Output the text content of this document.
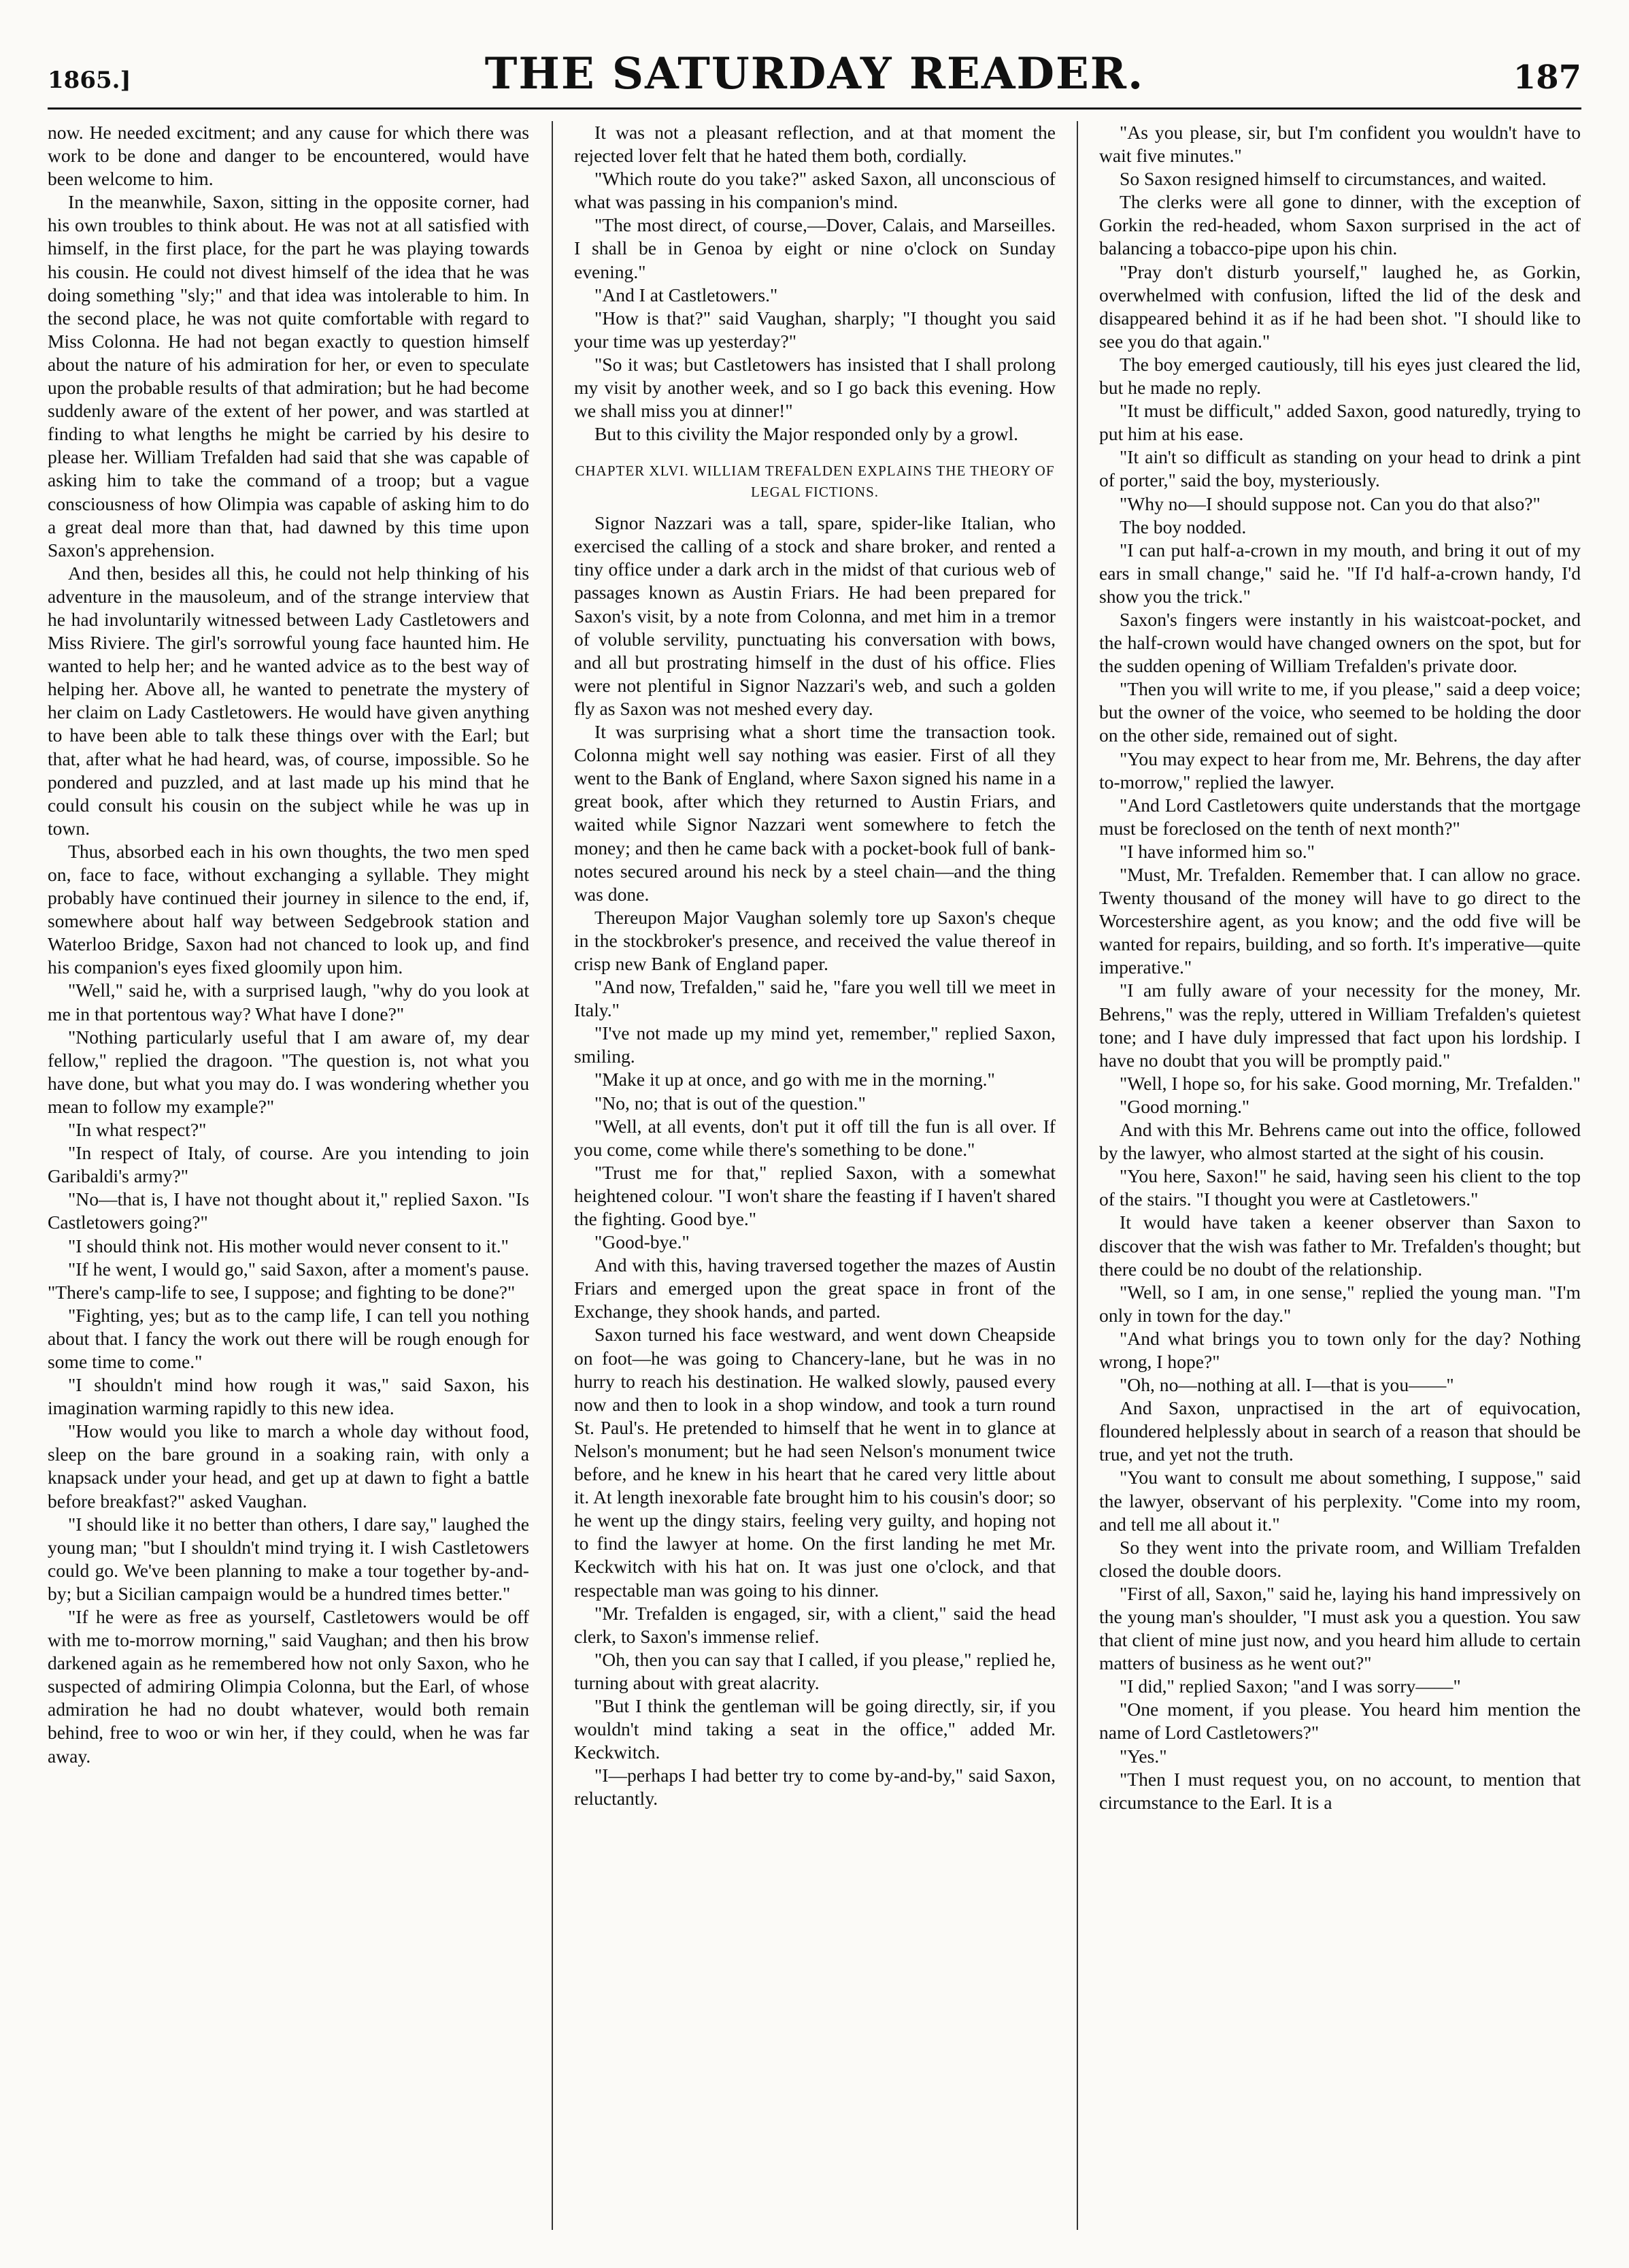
1865.]	THE SATURDAY READER.	187

now. He needed excitment; and any cause for which there was work to be done and danger to be encountered, would have been welcome to him.

In the meanwhile, Saxon, sitting in the opposite corner, had his own troubles to think about. He was not at all satisfied with himself, in the first place, for the part he was playing towards his cousin. He could not divest himself of the idea that he was doing something "sly;" and that idea was intolerable to him. In the second place, he was not quite comfortable with regard to Miss Colonna. He had not began exactly to question himself about the nature of his admiration for her, or even to speculate upon the probable results of that admiration; but he had become suddenly aware of the extent of her power, and was startled at finding to what lengths he might be carried by his desire to please her. William Trefalden had said that she was capable of asking him to take the command of a troop; but a vague consciousness of how Olimpia was capable of asking him to do a great deal more than that, had dawned by this time upon Saxon's apprehension.

And then, besides all this, he could not help thinking of his adventure in the mausoleum, and of the strange interview that he had involuntarily witnessed between Lady Castletowers and Miss Riviere. The girl's sorrowful young face haunted him. He wanted to help her; and he wanted advice as to the best way of helping her. Above all, he wanted to penetrate the mystery of her claim on Lady Castletowers. He would have given anything to have been able to talk these things over with the Earl; but that, after what he had heard, was, of course, impossible. So he pondered and puzzled, and at last made up his mind that he could consult his cousin on the subject while he was up in town.

Thus, absorbed each in his own thoughts, the two men sped on, face to face, without exchanging a syllable. They might probably have continued their journey in silence to the end, if, somewhere about half way between Sedgebrook station and Waterloo Bridge, Saxon had not chanced to look up, and find his companion's eyes fixed gloomily upon him.

"Well," said he, with a surprised laugh, "why do you look at me in that portentous way? What have I done?"

"Nothing particularly useful that I am aware of, my dear fellow," replied the dragoon. "The question is, not what you have done, but what you may do. I was wondering whether you mean to follow my example?"

"In what respect?"

"In respect of Italy, of course. Are you intending to join Garibaldi's army?"

"No—that is, I have not thought about it," replied Saxon. "Is Castletowers going?"

"I should think not. His mother would never consent to it."

"If he went, I would go," said Saxon, after a moment's pause. "There's camp-life to see, I suppose; and fighting to be done?"

"Fighting, yes; but as to the camp life, I can tell you nothing about that. I fancy the work out there will be rough enough for some time to come."

"I shouldn't mind how rough it was," said Saxon, his imagination warming rapidly to this new idea.

"How would you like to march a whole day without food, sleep on the bare ground in a soaking rain, with only a knapsack under your head, and get up at dawn to fight a battle before breakfast?" asked Vaughan.

"I should like it no better than others, I dare say," laughed the young man; "but I shouldn't mind trying it. I wish Castletowers could go. We've been planning to make a tour together by-and-by; but a Sicilian campaign would be a hundred times better."

"If he were as free as yourself, Castletowers would be off with me to-morrow morning," said Vaughan; and then his brow darkened again as he remembered how not only Saxon, who he suspected of admiring Olimpia Colonna, but the Earl, of whose admiration he had no doubt whatever, would both remain behind, free to woo or win her, if they could, when he was far away.

It was not a pleasant reflection, and at that moment the rejected lover felt that he hated them both, cordially.

"Which route do you take?" asked Saxon, all unconscious of what was passing in his companion's mind.

"The most direct, of course,—Dover, Calais, and Marseilles. I shall be in Genoa by eight or nine o'clock on Sunday evening."

"And I at Castletowers."

"How is that?" said Vaughan, sharply; "I thought you said your time was up yesterday?"

"So it was; but Castletowers has insisted that I shall prolong my visit by another week, and so I go back this evening. How we shall miss you at dinner!"

But to this civility the Major responded only by a growl.

CHAPTER XLVI. WILLIAM TREFALDEN EXPLAINS THE THEORY OF LEGAL FICTIONS.

Signor Nazzari was a tall, spare, spider-like Italian, who exercised the calling of a stock and share broker, and rented a tiny office under a dark arch in the midst of that curious web of passages known as Austin Friars. He had been prepared for Saxon's visit, by a note from Colonna, and met him in a tremor of voluble servility, punctuating his conversation with bows, and all but prostrating himself in the dust of his office. Flies were not plentiful in Signor Nazzari's web, and such a golden fly as Saxon was not meshed every day.

It was surprising what a short time the transaction took. Colonna might well say nothing was easier. First of all they went to the Bank of England, where Saxon signed his name in a great book, after which they returned to Austin Friars, and waited while Signor Nazzari went somewhere to fetch the money; and then he came back with a pocket-book full of bank-notes secured around his neck by a steel chain—and the thing was done.

Thereupon Major Vaughan solemly tore up Saxon's cheque in the stockbroker's presence, and received the value thereof in crisp new Bank of England paper.

"And now, Trefalden," said he, "fare you well till we meet in Italy."

"I've not made up my mind yet, remember," replied Saxon, smiling.

"Make it up at once, and go with me in the morning."

"No, no; that is out of the question."

"Well, at all events, don't put it off till the fun is all over. If you come, come while there's something to be done."

"Trust me for that," replied Saxon, with a somewhat heightened colour. "I won't share the feasting if I haven't shared the fighting. Good bye."

"Good-bye."

And with this, having traversed together the mazes of Austin Friars and emerged upon the great space in front of the Exchange, they shook hands, and parted.

Saxon turned his face westward, and went down Cheapside on foot—he was going to Chancery-lane, but he was in no hurry to reach his destination. He walked slowly, paused every now and then to look in a shop window, and took a turn round St. Paul's. He pretended to himself that he went in to glance at Nelson's monument; but he had seen Nelson's monument twice before, and he knew in his heart that he cared very little about it. At length inexorable fate brought him to his cousin's door; so he went up the dingy stairs, feeling very guilty, and hoping not to find the lawyer at home. On the first landing he met Mr. Keckwitch with his hat on. It was just one o'clock, and that respectable man was going to his dinner.

"Mr. Trefalden is engaged, sir, with a client," said the head clerk, to Saxon's immense relief.

"Oh, then you can say that I called, if you please," replied he, turning about with great alacrity.

"But I think the gentleman will be going directly, sir, if you wouldn't mind taking a seat in the office," added Mr. Keckwitch.

"I—perhaps I had better try to come by-and-by," said Saxon, reluctantly.

"As you please, sir, but I'm confident you wouldn't have to wait five minutes."

So Saxon resigned himself to circumstances, and waited.

The clerks were all gone to dinner, with the exception of Gorkin the red-headed, whom Saxon surprised in the act of balancing a tobacco-pipe upon his chin.

"Pray don't disturb yourself," laughed he, as Gorkin, overwhelmed with confusion, lifted the lid of the desk and disappeared behind it as if he had been shot. "I should like to see you do that again."

The boy emerged cautiously, till his eyes just cleared the lid, but he made no reply.

"It must be difficult," added Saxon, good naturedly, trying to put him at his ease.

"It ain't so difficult as standing on your head to drink a pint of porter," said the boy, mysteriously.

"Why no—I should suppose not. Can you do that also?"

The boy nodded.

"I can put half-a-crown in my mouth, and bring it out of my ears in small change," said he. "If I'd half-a-crown handy, I'd show you the trick."

Saxon's fingers were instantly in his waistcoat-pocket, and the half-crown would have changed owners on the spot, but for the sudden opening of William Trefalden's private door.

"Then you will write to me, if you please," said a deep voice; but the owner of the voice, who seemed to be holding the door on the other side, remained out of sight.

"You may expect to hear from me, Mr. Behrens, the day after to-morrow," replied the lawyer.

"And Lord Castletowers quite understands that the mortgage must be foreclosed on the tenth of next month?"

"I have informed him so."

"Must, Mr. Trefalden. Remember that. I can allow no grace. Twenty thousand of the money will have to go direct to the Worcestershire agent, as you know; and the odd five will be wanted for repairs, building, and so forth. It's imperative—quite imperative."

"I am fully aware of your necessity for the money, Mr. Behrens," was the reply, uttered in William Trefalden's quietest tone; and I have duly impressed that fact upon his lordship. I have no doubt that you will be promptly paid."

"Well, I hope so, for his sake. Good morning, Mr. Trefalden."

"Good morning."

And with this Mr. Behrens came out into the office, followed by the lawyer, who almost started at the sight of his cousin.

"You here, Saxon!" he said, having seen his client to the top of the stairs. "I thought you were at Castletowers."

It would have taken a keener observer than Saxon to discover that the wish was father to Mr. Trefalden's thought; but there could be no doubt of the relationship.

"Well, so I am, in one sense," replied the young man. "I'm only in town for the day."

"And what brings you to town only for the day? Nothing wrong, I hope?"

"Oh, no—nothing at all. I—that is you——"

And Saxon, unpractised in the art of equivocation, floundered helplessly about in search of a reason that should be true, and yet not the truth.

"You want to consult me about something, I suppose," said the lawyer, observant of his perplexity. "Come into my room, and tell me all about it."

So they went into the private room, and William Trefalden closed the double doors.

"First of all, Saxon," said he, laying his hand impressively on the young man's shoulder, "I must ask you a question. You saw that client of mine just now, and you heard him allude to certain matters of business as he went out?"

"I did," replied Saxon; "and I was sorry——"

"One moment, if you please. You heard him mention the name of Lord Castletowers?"

"Yes."

"Then I must request you, on no account, to mention that circumstance to the Earl. It is a
